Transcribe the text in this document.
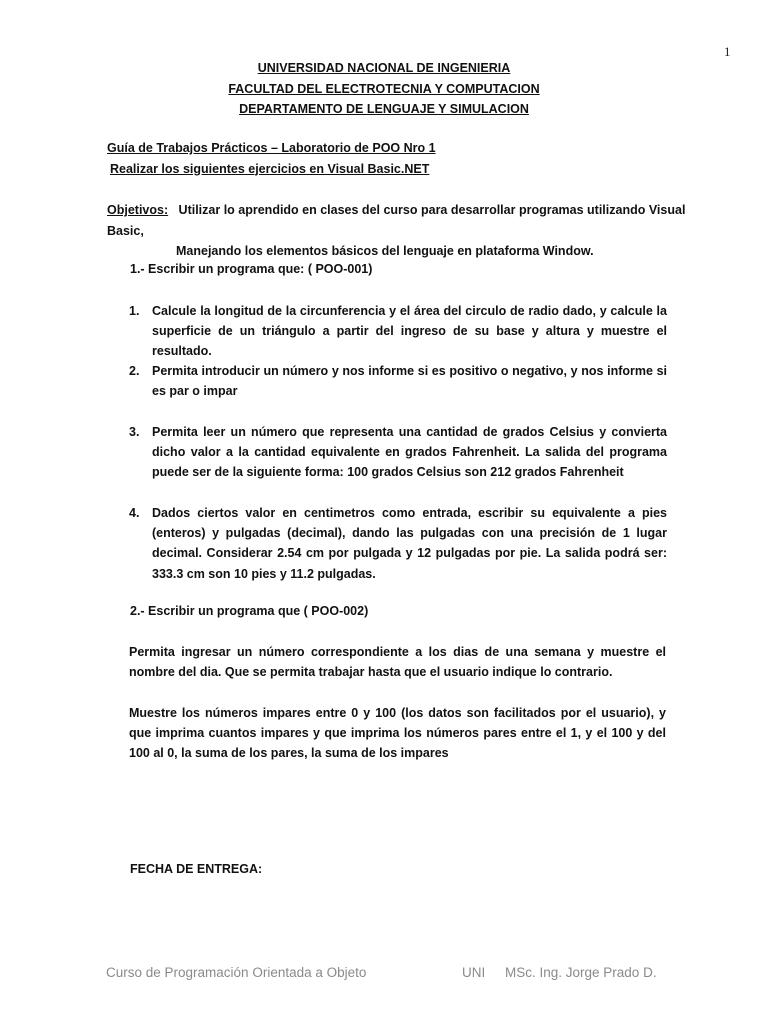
1
UNIVERSIDAD NACIONAL DE INGENIERIA
FACULTAD DEL ELECTROTECNIA Y COMPUTACION
DEPARTAMENTO DE LENGUAJE Y SIMULACION
Guía de Trabajos Prácticos – Laboratorio de POO Nro 1
Realizar los siguientes ejercicios en Visual Basic.NET
Objetivos: Utilizar lo aprendido en clases del curso para desarrollar programas utilizando Visual Basic,
Manejando los elementos básicos del lenguaje en plataforma Window.
1.- Escribir un programa que: ( POO-001)
1. Calcule la longitud de la circunferencia y el área del circulo de radio dado, y calcule la superficie de un triángulo a partir del ingreso de su base y altura y muestre el resultado.
2. Permita introducir un número y nos informe si es positivo o negativo, y nos informe si es par o impar
3. Permita leer un número que representa una cantidad de grados Celsius y convierta dicho valor a la cantidad equivalente en grados Fahrenheit. La salida del programa puede ser de la siguiente forma: 100 grados Celsius son 212 grados Fahrenheit
4. Dados ciertos valor en centimetros como entrada, escribir su equivalente a pies (enteros) y pulgadas (decimal), dando las pulgadas con una precisión de 1 lugar decimal. Considerar 2.54 cm por pulgada y 12 pulgadas por pie. La salida podrá ser: 333.3 cm son 10 pies y 11.2 pulgadas.
2.- Escribir un programa que ( POO-002)
Permita ingresar un número correspondiente a los dias de una semana y muestre el nombre del dia. Que se permita trabajar hasta que el usuario indique lo contrario.
Muestre los números impares entre 0 y 100 (los datos son facilitados por el usuario), y que imprima cuantos impares y que imprima los números pares entre el 1, y el 100 y del 100 al 0, la suma de los pares, la suma de los impares
FECHA DE ENTREGA:
Curso de Programación Orientada a Objeto	UNI MSc. Ing. Jorge Prado D.
